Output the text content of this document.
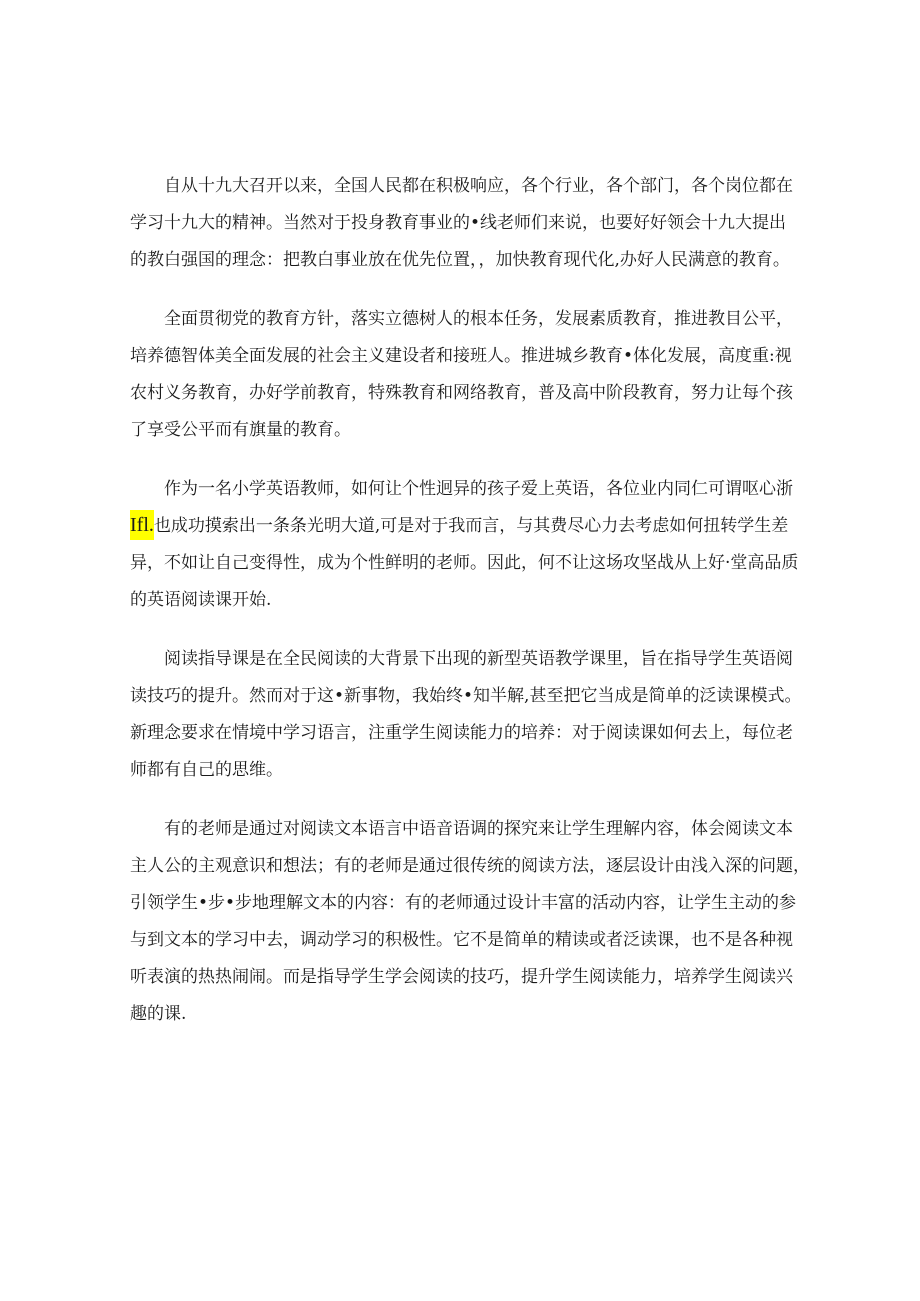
自从十九大召开以来，全国人民都在积极响应，各个行业，各个部门，各个岗位都在
学习十九大的精神。当然对于投身教育事业的•线老师们来说，也要好好领会十九大提出
的教白强国的理念：把教白事业放在优先位置，，加快教育现代化,办好人民满意的教育。
全面贯彻党的教育方针，落实立德树人的根本任务，发展素质教育，推进教目公平，
培养德智体美全面发展的社会主义建设者和接班人。推进城乡教育•体化发展，高度重:视
农村义务教育，办好学前教育，特殊教育和网络教育，普及高中阶段教育，努力让每个孩
了享受公平而有旗量的教育。
作为一名小学英语教师，如何让个性迥异的孩子爱上英语，各位业内同仁可谓呕心浙
Ifl.也成功摸索出一条条光明大道,可是对于我而言，与其费尽心力去考虑如何扭转学生差
异，不如让自己变得性，成为个性鲜明的老师。因此，何不让这场攻坚战从上好·堂高品质
的英语阅读课开始.
阅读指导课是在全民阅读的大背景下出现的新型英语教学课里，旨在指导学生英语阅
读技巧的提升。然而对于这•新事物，我始终•知半解,甚至把它当成是简单的泛读课模式。
新理念要求在情境中学习语言，注重学生阅读能力的培养：对于阅读课如何去上，每位老
师都有自己的思维。
有的老师是通过对阅读文本语言中语音语调的探究来让学生理解内容，体会阅读文本
主人公的主观意识和想法；有的老师是通过很传统的阅读方法，逐层设计由浅入深的问题，
引领学生•步•步地理解文本的内容：有的老师通过设计丰富的活动内容，让学生主动的参
与到文本的学习中去，调动学习的积极性。它不是简单的精读或者泛读课，也不是各种视
听表演的热热闹闹。而是指导学生学会阅读的技巧，提升学生阅读能力，培养学生阅读兴
趣的课.
